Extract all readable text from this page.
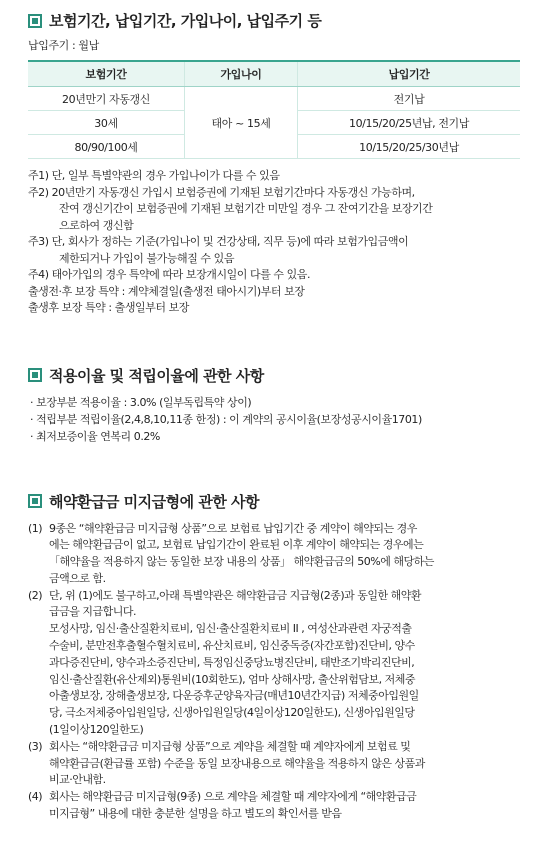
보험기간, 납입기간, 가입나이, 납입주기 등
납입주기 : 월납
보험기간	가입나이	납입기간
20년만기 자동갱신	태아 ~ 15세	전기납
30세		10/15/20/25년납, 전기납
80/90/100세		10/15/20/25/30년납
주1) 단, 일부 특별약관의 경우 가입나이가 다를 수 있음
주2) 20년만기 자동갱신 가입시 보험증권에 기재된 보험기간마다 자동갱신 가능하며,
잔여 갱신기간이 보험증권에 기재된 보험기간 미만일 경우 그 잔여기간을 보장기간
으로하여 갱신함
주3) 단, 회사가 정하는 기준(가입나이 및 건강상태, 직무 등)에 따라 보험가입금액이
제한되거나 가입이 불가능해질 수 있음
주4) 태아가입의 경우 특약에 따라 보장개시일이 다를 수 있음.
출생전·후 보장 특약 : 계약체결일(출생전 태아시기)부터 보장
출생후 보장 특약 : 출생일부터 보장
적용이율 및 적립이율에 관한 사항
· 보장부분 적용이율 : 3.0% (일부독립특약 상이)
· 적립부분 적립이율(2,4,8,10,11종 한정) : 이 계약의 공시이율(보장성공시이율1701)
· 최저보증이율 연복리 0.2%
해약환급금 미지급형에 관한 사항
(1) 9종은 “해약환급금 미지급형 상품”으로 보험료 납입기간 중 계약이 해약되는 경우
에는 해약환급금이 없고, 보험료 납입기간이 완료된 이후 계약이 해약되는 경우에는
「해약율을 적용하지 않는 동일한 보장 내용의 상품」 해약환급금의 50%에 해당하는
금액으로 함.
(2) 단, 위 (1)에도 불구하고,아래 특별약관은 해약환급금 지급형(2종)과 동일한 해약환
급금을 지급합니다.
모성사망, 임신·출산질환치료비, 임신·출산질환치료비 II , 여성산과관련 자궁적출
수술비, 분만전후출혈수혈치료비, 유산치료비, 임신중독증(자간포함)진단비, 양수
과다증진단비, 양수과소증진단비, 특정임신중당뇨병진단비, 태반조기박리진단비,
임신·출산질환(유산제외)통원비(10회한도), 엄마 상해사망, 출산위험담보, 저체중
아출생보장, 장해출생보장, 다운증후군양육자금(매년10년간지급) 저체중아입원일
당, 극소저체중아입원일당, 신생아입원일당(4일이상120일한도), 신생아입원일당
(1일이상120일한도)
(3) 회사는 “해약환급금 미지급형 상품”으로 계약을 체결할 때 계약자에게 보험료 및
해약환급금(환급률 포함) 수준을 동일 보장내용으로 해약율을 적용하지 않은 상품과
비교·안내함.
(4) 회사는 해약환급금 미지급형(9종) 으로 계약을 체결할 때 계약자에게 “해약환급금
미지급형” 내용에 대한 충분한 설명을 하고 별도의 확인서를 받음
